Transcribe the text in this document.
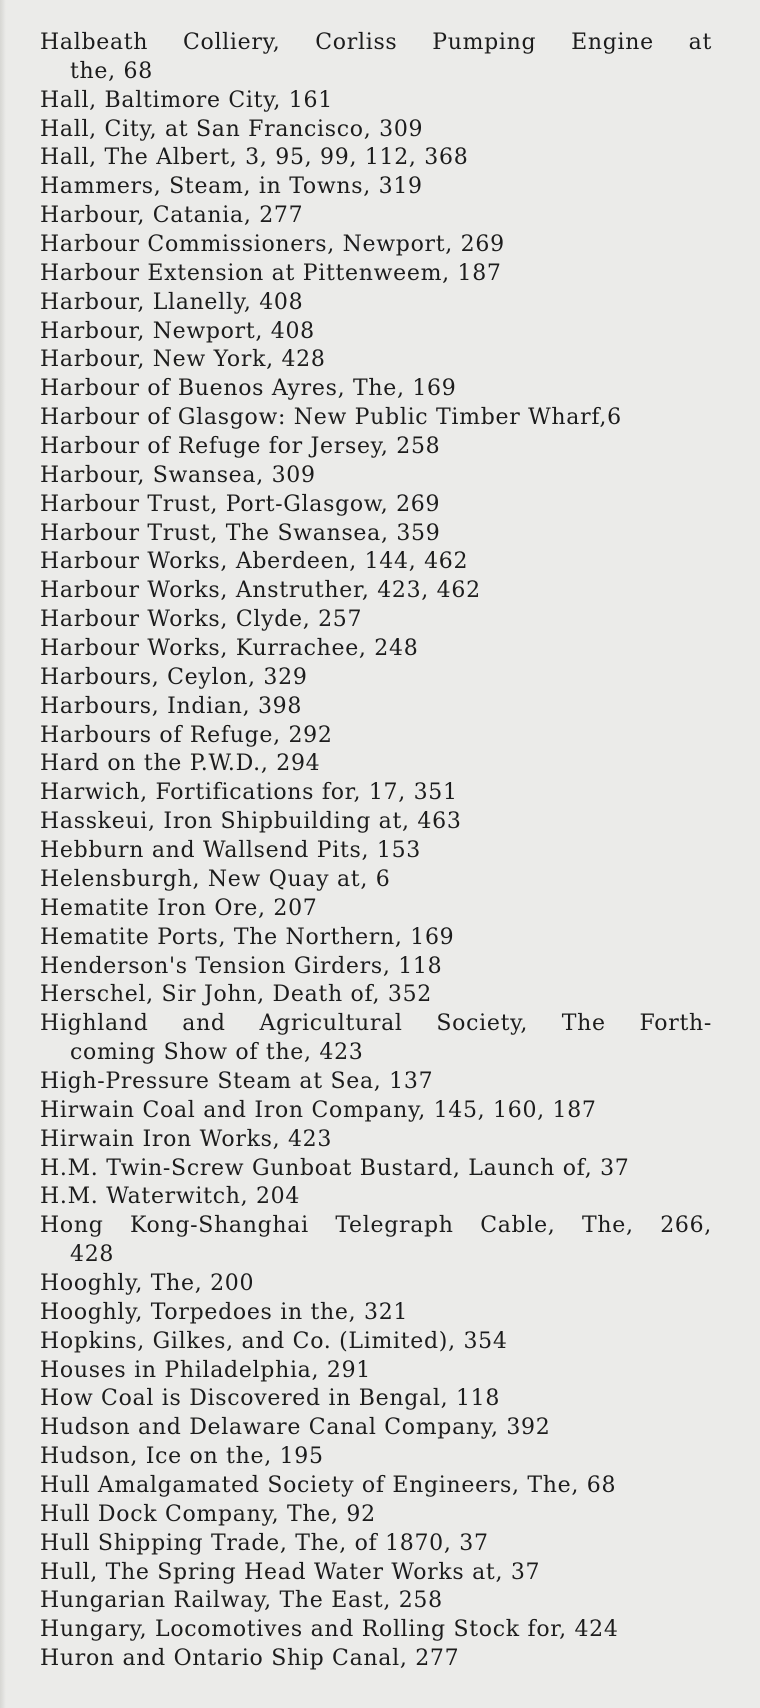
Halbeath Colliery, Corliss Pumping Engine at
the, 68
Hall, Baltimore City, 161
Hall, City, at San Francisco, 309
Hall, The Albert, 3, 95, 99, 112, 368
Hammers, Steam, in Towns, 319
Harbour, Catania, 277
Harbour Commissioners, Newport, 269
Harbour Extension at Pittenweem, 187
Harbour, Llanelly, 408
Harbour, Newport, 408
Harbour, New York, 428
Harbour of Buenos Ayres, The, 169
Harbour of Glasgow: New Public Timber Wharf,6
Harbour of Refuge for Jersey, 258
Harbour, Swansea, 309
Harbour Trust, Port-Glasgow, 269
Harbour Trust, The Swansea, 359
Harbour Works, Aberdeen, 144, 462
Harbour Works, Anstruther, 423, 462
Harbour Works, Clyde, 257
Harbour Works, Kurrachee, 248
Harbours, Ceylon, 329
Harbours, Indian, 398
Harbours of Refuge, 292
Hard on the P.W.D., 294
Harwich, Fortifications for, 17, 351
Hasskeui, Iron Shipbuilding at, 463
Hebburn and Wallsend Pits, 153
Helensburgh, New Quay at, 6
Hematite Iron Ore, 207
Hematite Ports, The Northern, 169
Henderson's Tension Girders, 118
Herschel, Sir John, Death of, 352
Highland and Agricultural Society, The Forth-
coming Show of the, 423
High-Pressure Steam at Sea, 137
Hirwain Coal and Iron Company, 145, 160, 187
Hirwain Iron Works, 423
H.M. Twin-Screw Gunboat Bustard, Launch of, 37
H.M. Waterwitch, 204
Hong Kong-Shanghai Telegraph Cable, The, 266,
428
Hooghly, The, 200
Hooghly, Torpedoes in the, 321
Hopkins, Gilkes, and Co. (Limited), 354
Houses in Philadelphia, 291
How Coal is Discovered in Bengal, 118
Hudson and Delaware Canal Company, 392
Hudson, Ice on the, 195
Hull Amalgamated Society of Engineers, The, 68
Hull Dock Company, The, 92
Hull Shipping Trade, The, of 1870, 37
Hull, The Spring Head Water Works at, 37
Hungarian Railway, The East, 258
Hungary, Locomotives and Rolling Stock for, 424
Huron and Ontario Ship Canal, 277
